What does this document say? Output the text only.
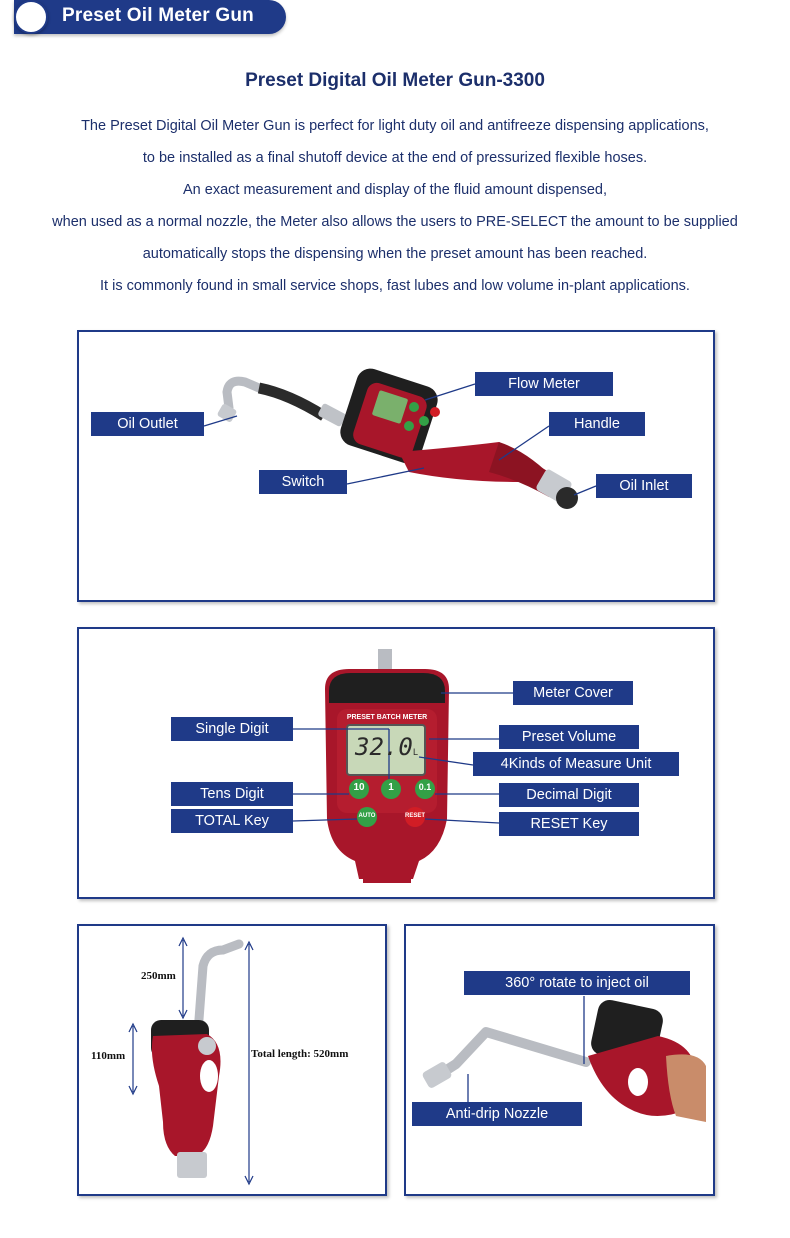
Preset Oil Meter Gun
Preset Digital Oil Meter Gun-3300

The Preset Digital Oil Meter Gun is perfect for light duty oil and antifreeze dispensing applications,

to be installed as a final shutoff device at the end of pressurized flexible hoses.

An exact measurement and display of the fluid amount dispensed,

when used as a normal nozzle, the Meter also allows the users to PRE-SELECT the amount to be supplied

automatically stops the dispensing when the preset amount has been reached.

It is commonly found in small service shops, fast lubes and low volume in-plant applications.

Flow Meter
Oil Outlet	Handle
Switch	Oil Inlet
PRESET BATCH METER
32.0 L
10	1	0.1
AUTO	RESET
Meter Cover
Single Digit	Preset Volume
4Kinds of Measure Unit
Tens Digit	Decimal Digit
TOTAL Key	RESET Key
250mm
110mm	Total length: 520mm
360° rotate to inject oil
Anti-drip Nozzle
